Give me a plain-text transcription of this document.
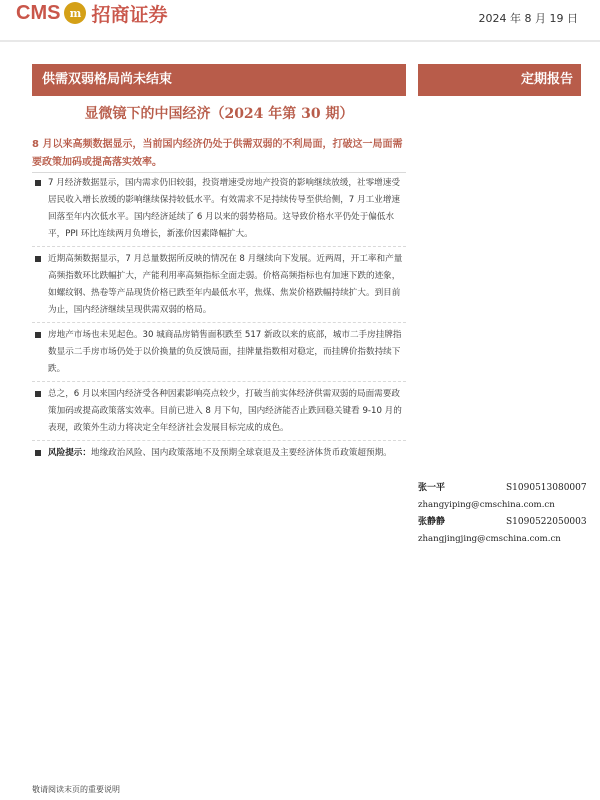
CMS m 招商证券	2024 年 8 月 19 日
供需双弱格局尚未结束	定期报告
显微镜下的中国经济（2024 年第 30 期）
8 月以来高频数据显示，当前国内经济仍处于供需双弱的不利局面，打破这一局面需要政策加码或提高落实效率。
7 月经济数据显示，国内需求仍旧较弱，投资增速受房地产投资的影响继续放缓，社零增速受居民收入增长放缓的影响继续保持较低水平。有效需求不足持续传导至供给侧，7 月工业增速回落至年内次低水平。国内经济延续了 6 月以来的弱势格局。这导致价格水平仍处于偏低水平，PPI 环比连续两月负增长，新涨价因素降幅扩大。
近期高频数据显示，7 月总量数据所反映的情况在 8 月继续向下发展。近两周，开工率和产量高频指数环比跌幅扩大，产能利用率高频指标全面走弱。价格高频指标也有加速下跌的迹象，如螺纹钢、热卷等产品现货价格已跌至年内最低水平，焦煤、焦炭价格跌幅持续扩大。到目前为止，国内经济继续呈现供需双弱的格局。
房地产市场也未见起色。30 城商品房销售面积跌至 517 新政以来的底部，城市二手房挂牌指数显示二手房市场仍处于以价换量的负反馈局面，挂牌量指数相对稳定，而挂牌价指数持续下跌。
总之，6 月以来国内经济受各种因素影响亮点较少，打破当前实体经济供需双弱的局面需要政策加码或提高政策落实效率。目前已进入 8 月下旬，国内经济能否止跌回稳关键看 9-10 月的表现，政策外生动力将决定全年经济社会发展目标完成的成色。
风险提示：地缘政治风险、国内政策落地不及预期全球衰退及主要经济体货币政策超预期。
张一平	S1090513080007
zhangyiping@cmschina.com.cn
张静静	S1090522050003
zhangjingjing@cmschina.com.cn
敬请阅读末页的重要说明
